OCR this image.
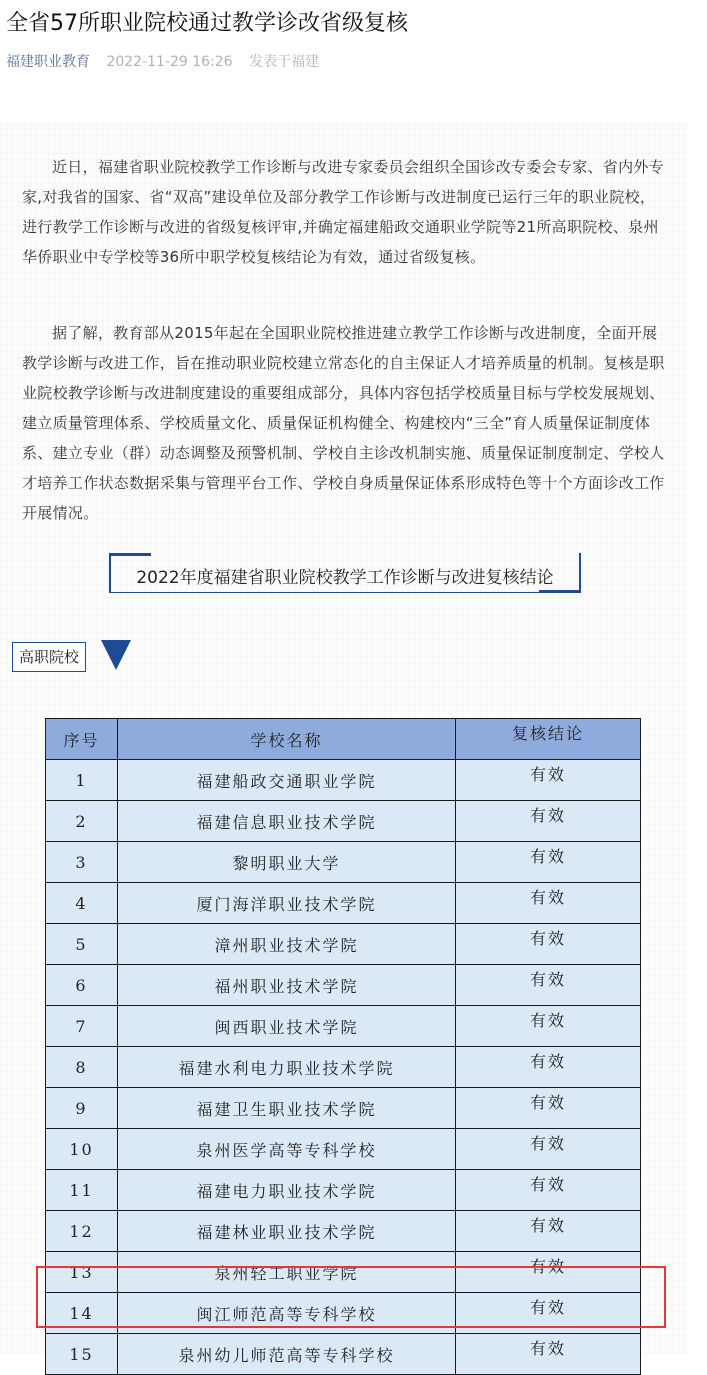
全省57所职业院校通过教学诊改省级复核
福建职业教育 2022-11-29 16:26 发表于福建
近日，福建省职业院校教学工作诊断与改进专家委员会组织全国诊改专委会专家、省内外专家,对我省的国家、省“双高”建设单位及部分教学工作诊断与改进制度已运行三年的职业院校，进行教学工作诊断与改进的省级复核评审,并确定福建船政交通职业学院等21所高职院校、泉州华侨职业中专学校等36所中职学校复核结论为有效，通过省级复核。
据了解，教育部从2015年起在全国职业院校推进建立教学工作诊断与改进制度，全面开展教学诊断与改进工作，旨在推动职业院校建立常态化的自主保证人才培养质量的机制。复核是职业院校教学诊断与改进制度建设的重要组成部分，具体内容包括学校质量目标与学校发展规划、建立质量管理体系、学校质量文化、质量保证机构健全、构建校内“三全”育人质量保证制度体系、建立专业（群）动态调整及预警机制、学校自主诊改机制实施、质量保证制度制定、学校人才培养工作状态数据采集与管理平台工作、学校自身质量保证体系形成特色等十个方面诊改工作开展情况。
2022年度福建省职业院校教学工作诊断与改进复核结论
高职院校
序号	学校名称	复核结论
1	福建船政交通职业学院	有效
2	福建信息职业技术学院	有效
3	黎明职业大学	有效
4	厦门海洋职业技术学院	有效
5	漳州职业技术学院	有效
6	福州职业技术学院	有效
7	闽西职业技术学院	有效
8	福建水利电力职业技术学院	有效
9	福建卫生职业技术学院	有效
10	泉州医学高等专科学校	有效
11	福建电力职业技术学院	有效
12	福建林业职业技术学院	有效
13	泉州轻工职业学院	有效
14	闽江师范高等专科学校	有效
15	泉州幼儿师范高等专科学校	有效
